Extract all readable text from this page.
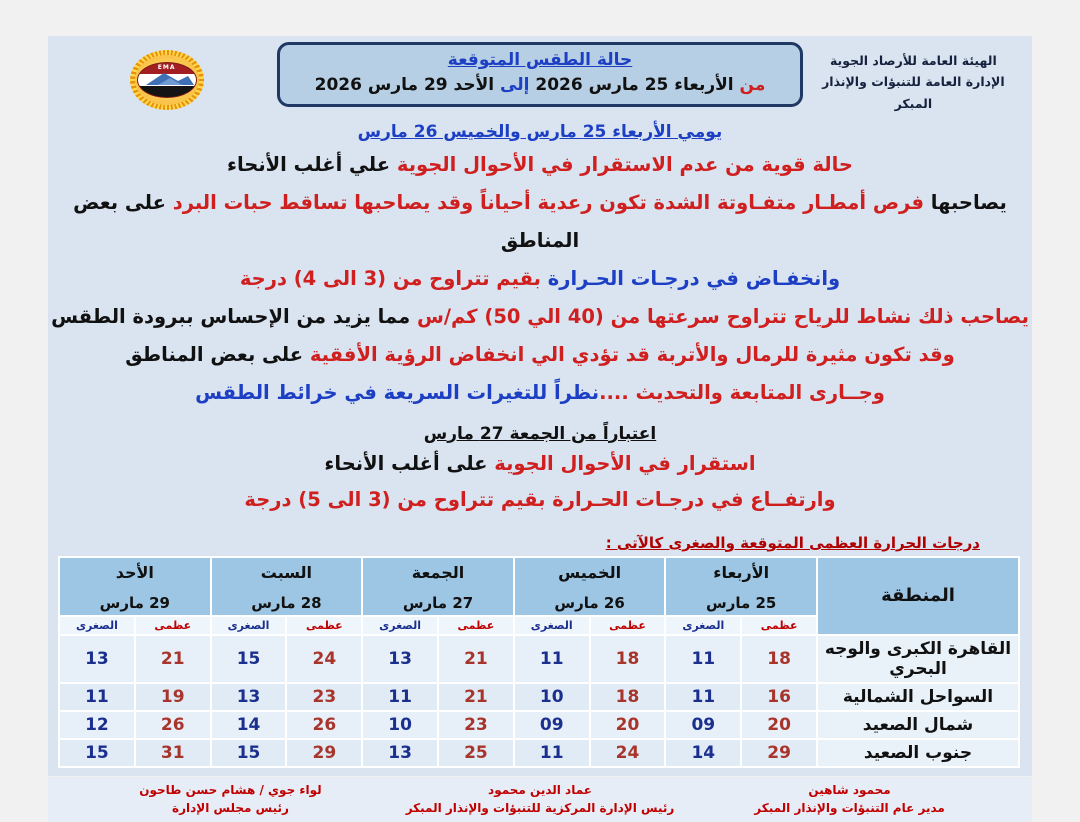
الهيئة العامة للأرصاد الجوية
الإدارة العامة للتنبؤات والإنذار المبكر
حالة الطقس المتوقعة
من الأربعاء 25 مارس 2026 إلى الأحد 29 مارس 2026
EMA
يومي الأربعاء 25 مارس والخميس 26 مارس

حالة قوية من عدم الاستقرار في الأحوال الجوية علي أغلب الأنحاء

يصاحبها فرص أمطـار متفـاوتة الشدة تكون رعدية أحياناً وقد يصاحبها تساقط حبات البرد على بعض المناطق

وانخفـاض في درجـات الحـرارة بقيم تتراوح من (3 الى 4) درجة

يصاحب ذلك نشاط للرياح تتراوح سرعتها من (40 الي 50) كم/س مما يزيد من الإحساس ببرودة الطقس

وقد تكون مثيرة للرمال والأتربة قد تؤدي الي انخفاض الرؤية الأفقية على بعض المناطق

وجــارى المتابعة والتحديث ....نظراً للتغيرات السريعة في خرائط الطقس

اعتباراً من الجمعة 27 مارس

استقرار في الأحوال الجوية على أغلب الأنحاء

وارتفــاع في درجـات الحـرارة بقيم تتراوح من (3 الى 5) درجة

درجات الحرارة العظمى المتوقعة والصغرى كالآتى :
المنطقة	
الأربعاء
25 مارس

الخميس
26 مارس

الجمعة
27 مارس

السبت
28 مارس

الأحد
29 مارس

	عظمى	الصغرى	عظمى	الصغرى	عظمى	الصغرى	عظمى	الصغرى	عظمى	الصغرى
القاهرة الكبرى والوجه البحري	18	11	18	11	21	13	24	15	21	13
السواحل الشمالية	16	11	18	10	21	11	23	13	19	11
شمال الصعيد	20	09	20	09	23	10	26	14	26	12
جنوب الصعيد	29	14	24	11	25	13	29	15	31	15
محمود شاهين
مدير عام التنبؤات والإنذار المبكر
عماد الدين محمود
رئيس الإدارة المركزية للتنبؤات والإنذار المبكر
لواء جوي / هشام حسن طاحون
رئيس مجلس الإدارة
